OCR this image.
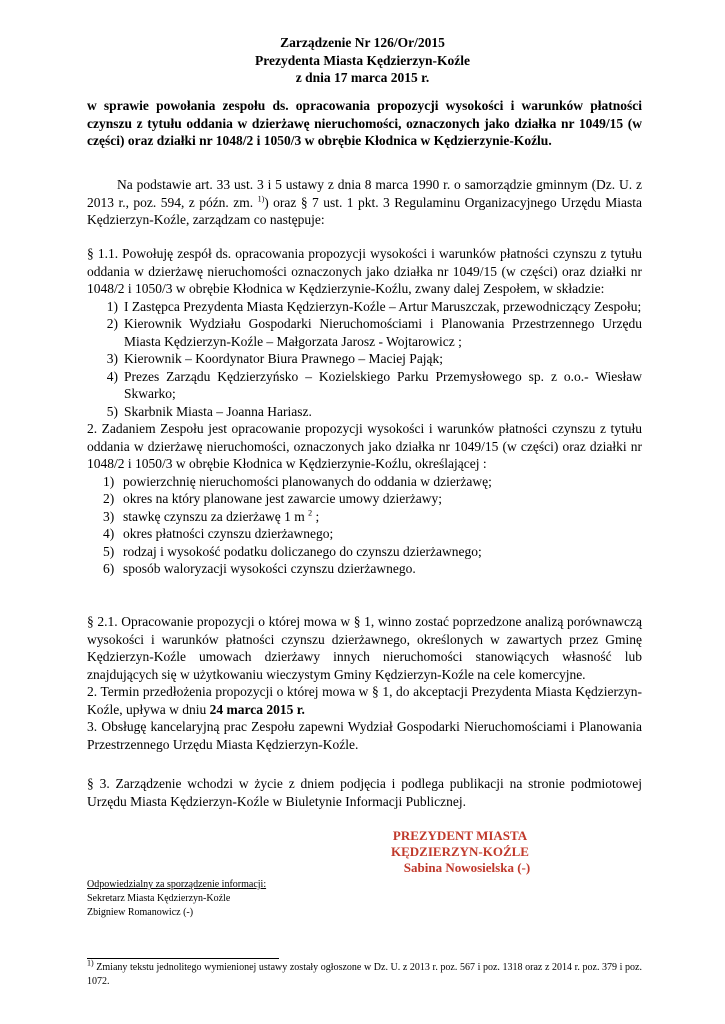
Zarządzenie Nr 126/Or/2015
Prezydenta Miasta Kędzierzyn-Koźle
z dnia 17 marca 2015 r.

w sprawie powołania zespołu ds. opracowania propozycji wysokości i warunków płatności czynszu z tytułu oddania w dzierżawę nieruchomości, oznaczonych jako działka nr 1049/15 (w części) oraz działki nr 1048/2 i 1050/3 w obrębie Kłodnica w Kędzierzynie-Koźlu.

Na podstawie art. 33 ust. 3 i 5 ustawy z dnia 8 marca 1990 r. o samorządzie gminnym (Dz. U. z 2013 r., poz. 594, z późn. zm. $^{1)}$) oraz § 7 ust. 1 pkt. 3 Regulaminu Organizacyjnego Urzędu Miasta Kędzierzyn-Koźle, zarządzam co następuje:

§ 1.1. Powołuję zespół ds. opracowania propozycji wysokości i warunków płatności czynszu z tytułu oddania w dzierżawę nieruchomości oznaczonych jako działka nr 1049/15 (w części) oraz działki nr 1048/2 i 1050/3 w obrębie Kłodnica w Kędzierzynie-Koźlu, zwany dalej Zespołem, w składzie:

1) I Zastępca Prezydenta Miasta Kędzierzyn-Koźle – Artur Maruszczak, przewodniczący Zespołu;
2) Kierownik Wydziału Gospodarki Nieruchomościami i Planowania Przestrzennego Urzędu Miasta Kędzierzyn-Koźle – Małgorzata Jarosz - Wojtarowicz ;
3) Kierownik – Koordynator Biura Prawnego – Maciej Pająk;
4) Prezes Zarządu Kędzierzyńsko – Kozielskiego Parku Przemysłowego sp. z o.o.- Wiesław Skwarko;
5) Skarbnik Miasta – Joanna Hariasz.

2. Zadaniem Zespołu jest opracowanie propozycji wysokości i warunków płatności czynszu z tytułu oddania w dzierżawę nieruchomości, oznaczonych jako działka nr 1049/15 (w części) oraz działki nr 1048/2 i 1050/3 w obrębie Kłodnica w Kędzierzynie-Koźlu, określającej :

1) powierzchnię nieruchomości planowanych do oddania w dzierżawę;
2) okres na który planowane jest zawarcie umowy dzierżawy;
3) stawkę czynszu za dzierżawę 1 m $^2$ ;
4) okres płatności czynszu dzierżawnego;
5) rodzaj i wysokość podatku doliczanego do czynszu dzierżawnego;
6) sposób waloryzacji wysokości czynszu dzierżawnego.

§ 2.1. Opracowanie propozycji o której mowa w § 1, winno zostać poprzedzone analizą porównawczą wysokości i warunków płatności czynszu dzierżawnego, określonych w zawartych przez Gminę Kędzierzyn-Koźle umowach dzierżawy innych nieruchomości stanowiących własność lub znajdujących się w użytkowaniu wieczystym Gminy Kędzierzyn-Koźle na cele komercyjne.

2. Termin przedłożenia propozycji o której mowa w § 1, do akceptacji Prezydenta Miasta Kędzierzyn-Koźle, upływa w dniu 24 marca 2015 r.

3. Obsługę kancelaryjną prac Zespołu zapewni Wydział Gospodarki Nieruchomościami i Planowania Przestrzennego Urzędu Miasta Kędzierzyn-Koźle.

§ 3. Zarządzenie wchodzi w życie z dniem podjęcia i podlega publikacji na stronie podmiotowej Urzędu Miasta Kędzierzyn-Koźle w Biuletynie Informacji Publicznej.

PREZYDENT MIASTA
KĘDZIERZYN-KOŹLE
Sabina Nowosielska (-)
Odpowiedzialny za sporządzenie informacji:
Sekretarz Miasta Kędzierzyn-Koźle
Zbigniew Romanowicz (-)

$^{1)}$ Zmiany tekstu jednolitego wymienionej ustawy zostały ogłoszone w Dz. U. z 2013 r. poz. 567 i poz. 1318 oraz z 2014 r. poz. 379 i poz. 1072.
